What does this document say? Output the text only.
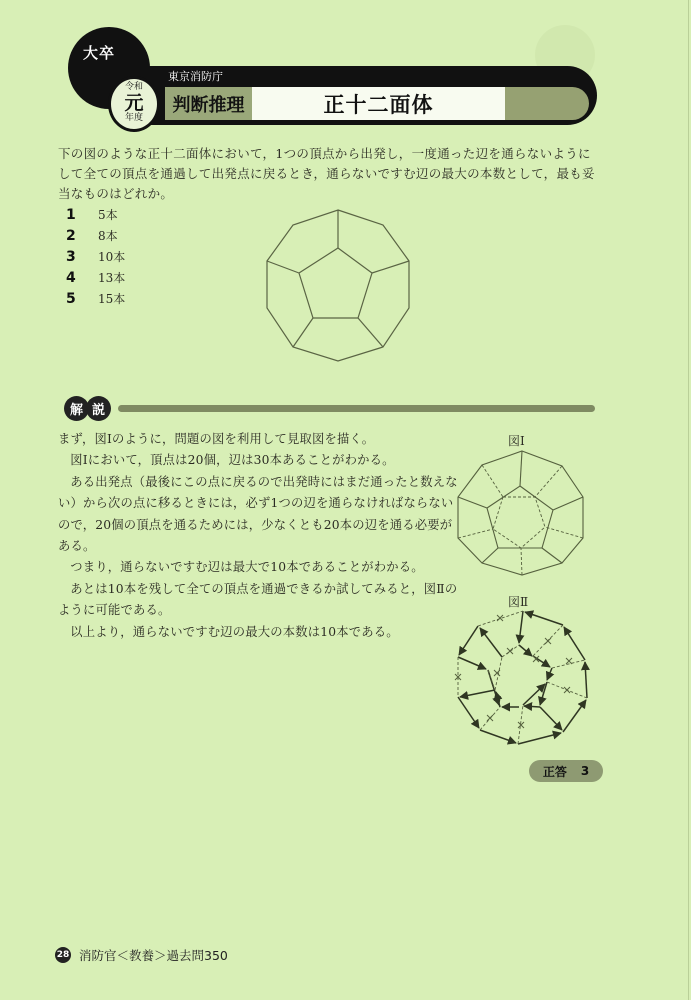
大卒
東京消防庁
判断推理	正十二面体
令和
元
年度
下の図のような正十二面体において，1つの頂点から出発し，一度通った辺を通らないようにして全ての頂点を通過して出発点に戻るとき，通らないですむ辺の最大の本数として，最も妥当なものはどれか。
1	5本
2	8本
3	10本
4	13本
5	15本
解 説

まず，図Ⅰのように，問題の図を利用して見取図を描く。

図Ⅰにおいて，頂点は20個，辺は30本あることがわかる。

ある出発点（最後にこの点に戻るので出発時にはまだ通ったと数えない）から次の点に移るときには，必ず1つの辺を通らなければならないので，20個の頂点を通るためには，少なくとも20本の辺を通る必要がある。

つまり，通らないですむ辺は最大で10本であることがわかる。

あとは10本を残して全ての頂点を通過できるか試してみると，図Ⅱのように可能である。

以上より，通らないですむ辺の最大の本数は10本である。

図Ⅰ
図Ⅱ
正答 3
28 消防官＜教養＞過去問350
